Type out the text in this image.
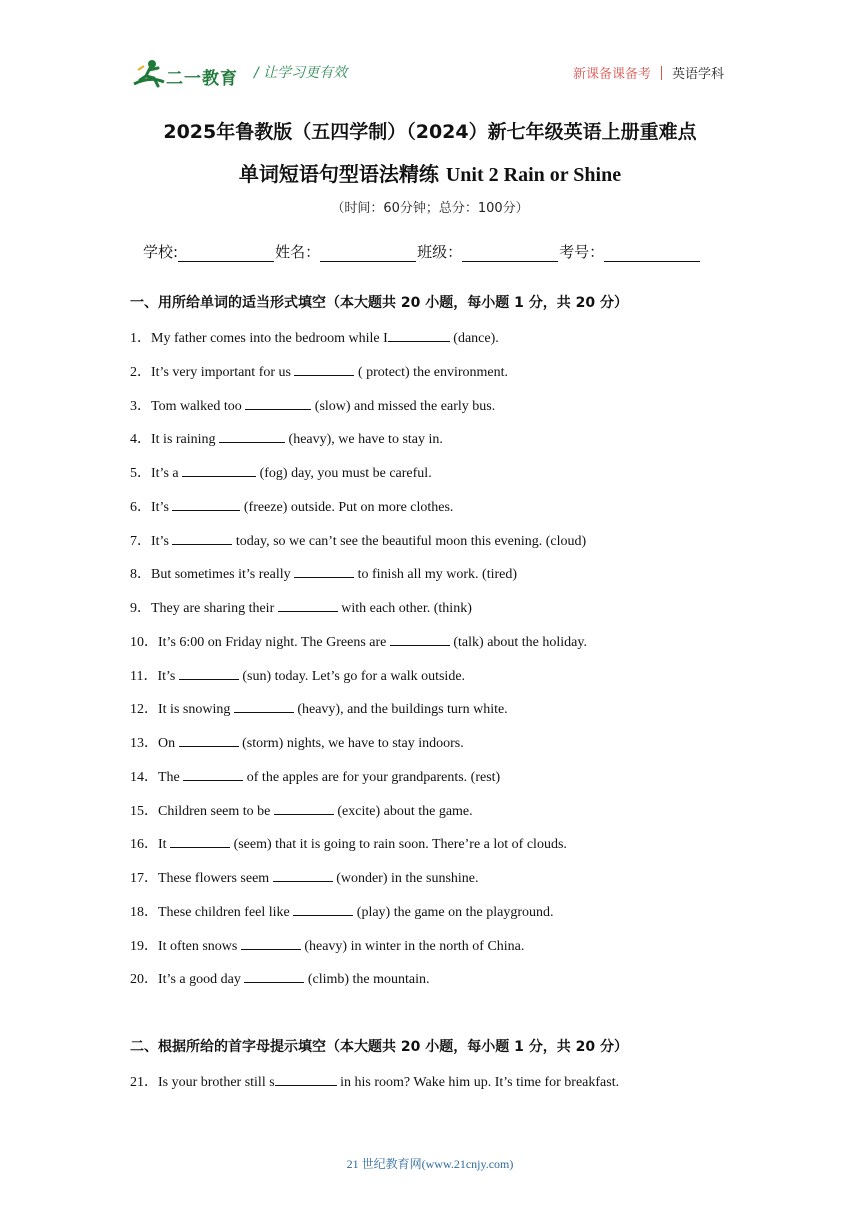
二一教育 / 让学习更有效	新课备课备考 英语学科
2025年鲁教版（五四学制）（2024）新七年级英语上册重难点
单词短语句型语法精练 Unit 2 Rain or Shine
（时间：60分钟；总分：100分）
学校:	姓名：	班级：	考号：
一、用所给单词的适当形式填空（本大题共 20 小题，每小题 1 分，共 20 分）
1．My father comes into the bedroom while I	(dance).
2．It’s very important for us	( protect) the environment.
3．Tom walked too	(slow) and missed the early bus.
4．It is raining	(heavy), we have to stay in.
5．It’s a	(fog) day, you must be careful.
6．It’s	(freeze) outside. Put on more clothes.
7．It’s	today, so we can’t see the beautiful moon this evening. (cloud)
8．But sometimes it’s really	to finish all my work. (tired)
9．They are sharing their	with each other. (think)
10．It’s 6:00 on Friday night. The Greens are	(talk) about the holiday.
11．It’s	(sun) today. Let’s go for a walk outside.
12．It is snowing	(heavy), and the buildings turn white.
13．On	(storm) nights, we have to stay indoors.
14．The	of the apples are for your grandparents. (rest)
15．Children seem to be	(excite) about the game.
16．It	(seem) that it is going to rain soon. There’re a lot of clouds.
17．These flowers seem	(wonder) in the sunshine.
18．These children feel like	(play) the game on the playground.
19．It often snows	(heavy) in winter in the north of China.
20．It’s a good day	(climb) the mountain.
二、根据所给的首字母提示填空（本大题共 20 小题，每小题 1 分，共 20 分）
21．Is your brother still s	in his room? Wake him up. It’s time for breakfast.
21 世纪教育网(www.21cnjy.com)
